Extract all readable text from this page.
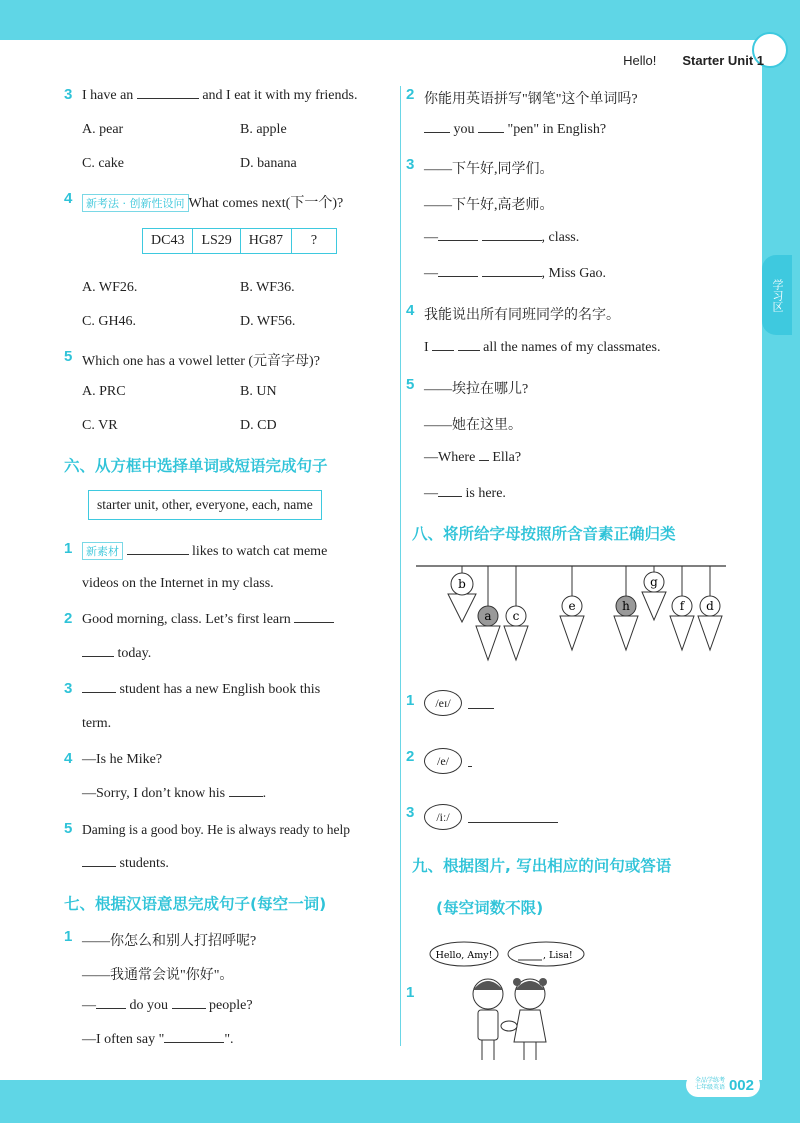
Hello! Starter Unit 1
学习区
3 I have an	and I eat it with my friends.
A. pear	B. apple
C. cake	D. banana
4	新考法 · 创新性设问 What comes next(下一个)?
DC43	LS29	HG87	?
A. WF26.	B. WF36.
C. GH46.	D. WF56.
5 Which one has a vowel letter (元音字母)?
A. PRC	B. UN
C. VR	D. CD
六、从方框中选择单词或短语完成句子
starter unit, other, everyone, each, name
1	新素材	likes to watch cat meme
videos on the Internet in my class.
2 Good morning, class. Let’s first learn
today.
3	student has a new English book this
term.
4 —Is he Mike?
—Sorry, I don’t know his	.
5 Daming is a good boy. He is always ready to help
students.
七、根据汉语意思完成句子(每空一词)
1 ——你怎么和别人打招呼呢?
——我通常会说"你好"。
— do you	people?
—I often say "	".
2 你能用英语拼写"钢笔"这个单词吗?
you "pen" in English?
3 ——下午好,同学们。
——下午好,高老师。
—	, class.
—	, Miss Gao.
4 我能说出所有同班同学的名字。
I	all the names of my classmates.
5 ——埃拉在哪儿?
——她在这里。
—Where Ella?
— is here.
八、将所给字母按照所含音素正确归类
b
a c
e	h
g
f d
1	/eɪ/
2	/e/
3	/iː/
九、根据图片, 写出相应的问句或答语
(每空词数不限)
1
Hello, Amy!	, Lisa!
全品学练考 七年级英语 002
